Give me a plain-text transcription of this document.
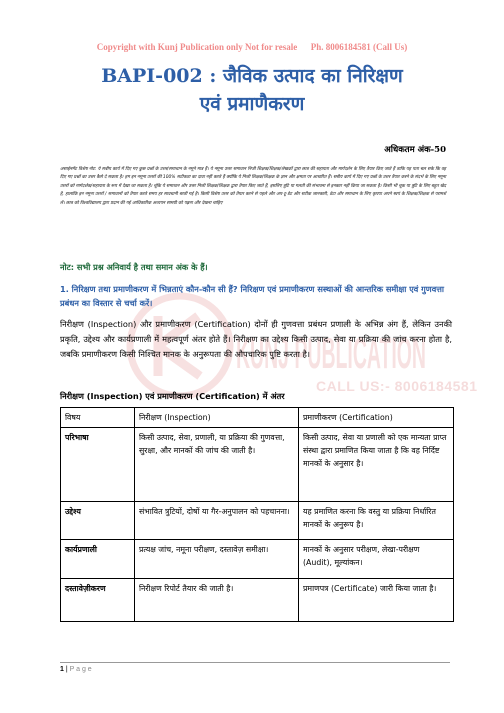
KUNJ PUBLICATION
CALL US:- 8006184581
Copyright with Kunj Publication only Not for resale      Ph. 8006184581 (Call Us)
BAPI-002 : जैविक उत्पाद का निरिक्षण
एवं प्रमाणैकरण
अधिकतम अंक-50
असाईनमेंट विशेष नोट: ये सबीय कार्य में दिए गए कुछ प्रश्नों के उत्तर/समाधान के नमूने मात्र हैं। ये नमूना उत्तर समाधान निजी शिक्षक/शिक्षक/लेखकों द्वारा छात्र की सहायता और मार्गदर्शन के लिए तैयार किए जाते हैं ताकि यह पता चल सके कि वह दिए गए प्रश्नों का उत्तर कैसे दे सकता है। हम इन नमूना उत्तरों की 100% सटीकता का दावा नहीं करते हैं क्योंकि ये निजी शिक्षक/शिक्षक के ज्ञान और क्षमता पर आधारित हैं। सबीय कार्य में दिए गए प्रश्नों के उत्तर तैयार करने के संदर्भ के लिए नमूना उत्तरों को मार्गदर्शक/सहायता के रूप में देखा जा सकता है। चूंकि ये समाधान और उत्तर निजी शिक्षक/शिक्षक द्वारा तैयार किए जाते हैं, इसलिए त्रुटि या गलती की संभावना से इनकार नहीं किया जा सकता है। किसी भी चूक या त्रुटि के लिए बहुत खेद है, हालांकि इन नमूना उत्तरों / समाधानों को तैयार करते समय हर सावधानी बरती गई है। किसी विशेष उत्तर को तैयार करने से पहले और अप-टू-डेट और सटीक जानकारी, डेटा और समाधान के लिए कृपया अपने स्वयं के शिक्षक/शिक्षक से परामर्श लें। छात्र को विश्वविद्यालय द्वारा प्रदान की गई आधिकारिक अध्ययन सामग्री को पढ़ना और देखना चाहिए
नोट: सभी प्रश्न अनिवार्य है तथा समान अंक के हैं।
1. निरिक्षण तथा प्रमाणीकरण में भिन्नताएं कौन-कौन सी हैं? निरिक्षण एवं प्रमाणीकरण सस्थाओं की आन्तरिक समीक्षा एवं गुणवत्ता प्रबंधन का विस्तार से चर्चा करें।
निरीक्षण (Inspection) और प्रमाणीकरण (Certification) दोनों ही गुणवत्ता प्रबंधन प्रणाली के अभिन्न अंग हैं, लेकिन उनकी प्रकृति, उद्देश्य और कार्यप्रणाली में महत्वपूर्ण अंतर होते हैं। निरीक्षण का उद्देश्य किसी उत्पाद, सेवा या प्रक्रिया की जांच करना होता है, जबकि प्रमाणीकरण किसी निश्चित मानक के अनुरूपता की औपचारिक पुष्टि करता है।
निरीक्षण (Inspection) एवं प्रमाणीकरण (Certification) में अंतर
विषय	निरीक्षण (Inspection)	प्रमाणीकरण (Certification)
परिभाषा	किसी उत्पाद, सेवा, प्रणाली, या प्रक्रिया की गुणवत्ता, सुरक्षा, और मानकों की जांच की जाती है।	किसी उत्पाद, सेवा या प्रणाली को एक मान्यता प्राप्त संस्था द्वारा प्रमाणित किया जाता है कि वह निर्दिष्ट मानकों के अनुसार है।
उद्देश्य	संभावित त्रुटियों, दोषों या गैर-अनुपालन को पहचानना।	यह प्रमाणित करना कि वस्तु या प्रक्रिया निर्धारित मानकों के अनुरूप है।
कार्यप्रणाली	प्रत्यक्ष जांच, नमूना परीक्षण, दस्तावेज़ समीक्षा।	मानकों के अनुसार परीक्षण, लेखा-परीक्षण (Audit), मूल्यांकन।
दस्तावेज़ीकरण	निरीक्षण रिपोर्ट तैयार की जाती है।	प्रमाणपत्र (Certificate) जारी किया जाता है।
1 | P a g e
